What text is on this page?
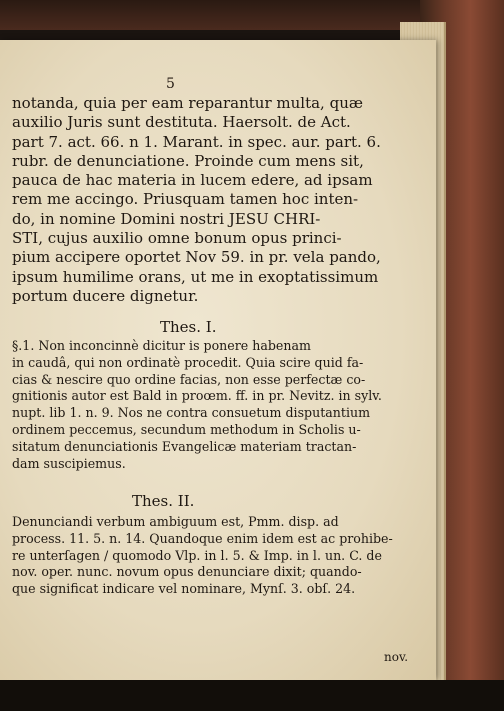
5
notanda, quia per eam reparantur multa, quæ
auxilio Juris sunt destituta. Haersolt. de Act.
part 7. act. 66. n 1. Marant. in spec. aur. part. 6.
rubr. de denunciatione. Proinde cum mens sit,
pauca de hac materia in lucem edere, ad ipsam
rem me accingo. Priusquam tamen hoc inten-
do, in nomine Domini nostri JESU CHRI-
STI, cujus auxilio omne bonum opus princi-
pium accipere oportet Nov 59. in pr. vela pando,
ipsum humilime orans, ut me in exoptatissimum
portum ducere dignetur.
Thes. I.
§.1. Non inconcinnè dicitur is ponere habenam
in caudâ, qui non ordinatè procedit. Quia scire quid fa-
cias & nescire quo ordine facias, non esse perfectæ co-
gnitionis autor est Bald in proœm. ff. in pr. Nevitz. in sylv.
nupt. lib 1. n. 9. Nos ne contra consuetum disputantium
ordinem peccemus, secundum methodum in Scholis u-
sitatum denunciationis Evangelicæ materiam tractan-
dam suscipiemus.
Thes. II.
Denunciandi verbum ambiguum est, Pmm. disp. ad
process. 11. 5. n. 14. Quandoque enim idem est ac prohibe-
re unterſagen / quomodo Vlp. in l. 5. & Imp. in l. un. C. de
nov. oper. nunc. novum opus denunciare dixit; quando-
que significat indicare vel nominare, Mynſ. 3. obſ. 24.
nov.
